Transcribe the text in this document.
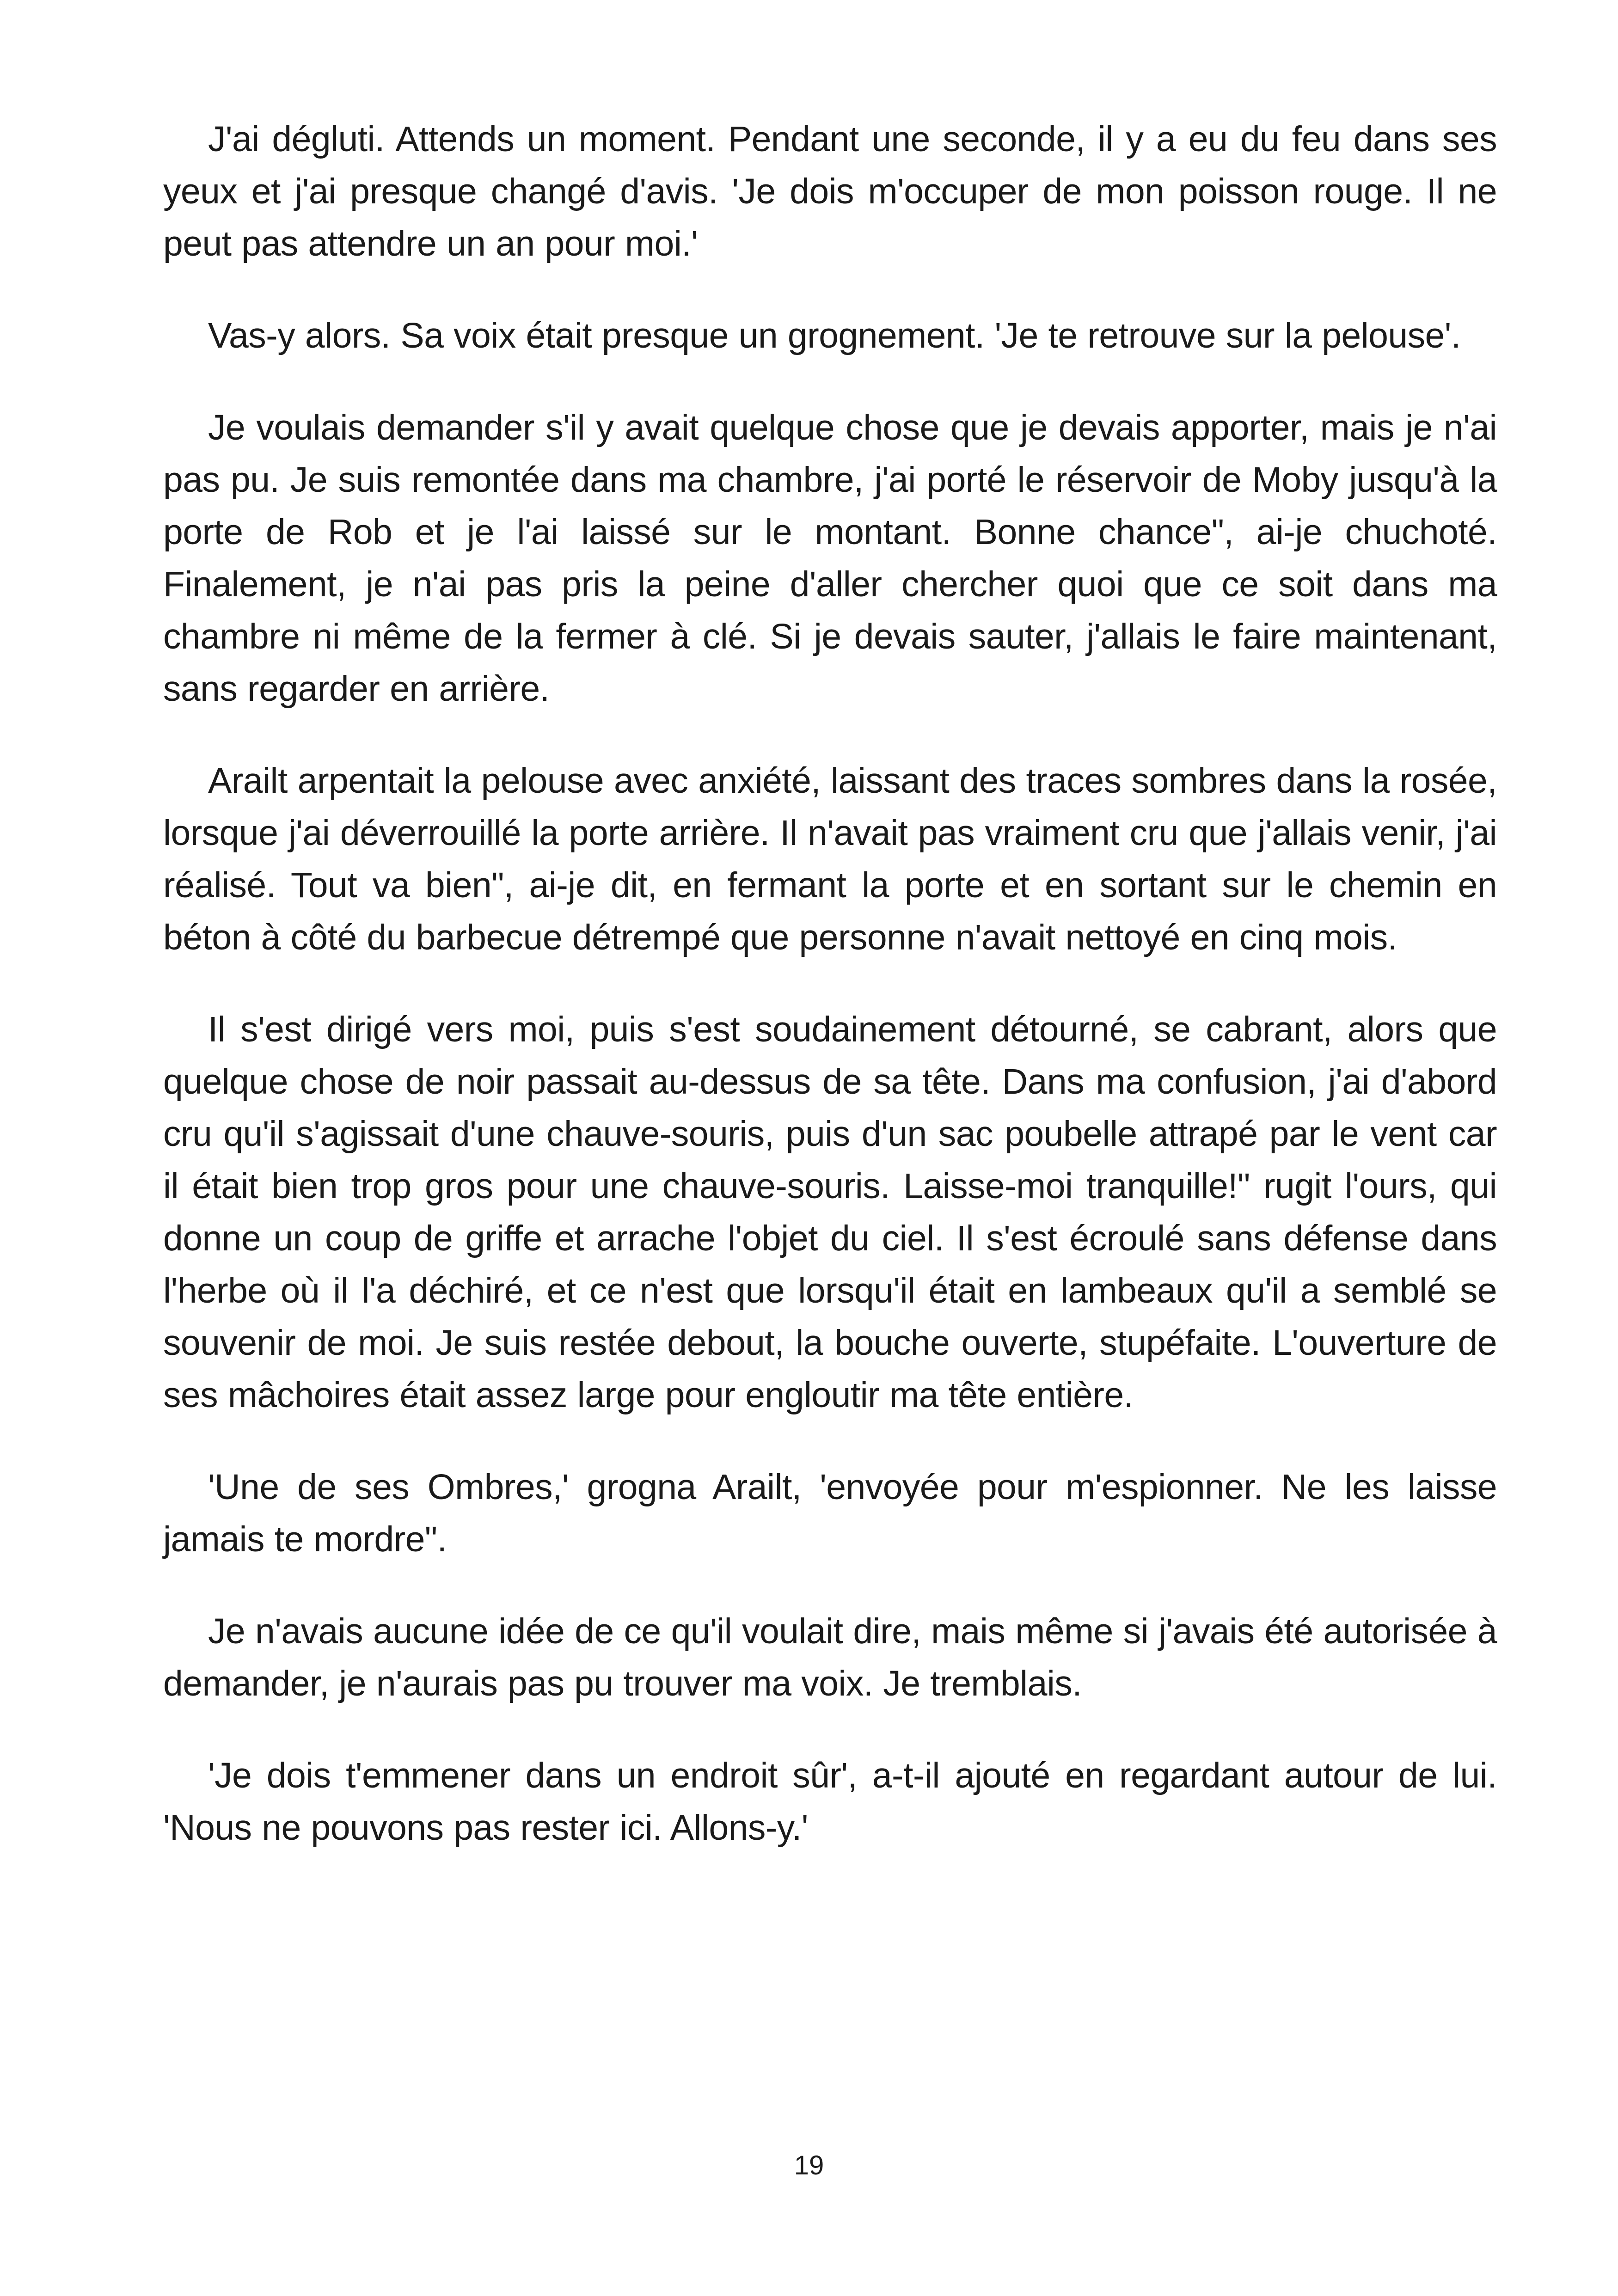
J'ai dégluti. Attends un moment. Pendant une seconde, il y a eu du feu dans ses yeux et j'ai presque changé d'avis. 'Je dois m'occuper de mon poisson rouge. Il ne peut pas attendre un an pour moi.'

Vas-y alors. Sa voix était presque un grognement. 'Je te retrouve sur la pelouse'.

Je voulais demander s'il y avait quelque chose que je devais apporter, mais je n'ai pas pu. Je suis remontée dans ma chambre, j'ai porté le réservoir de Moby jusqu'à la porte de Rob et je l'ai laissé sur le montant. Bonne chance", ai-je chuchoté. Finalement, je n'ai pas pris la peine d'aller chercher quoi que ce soit dans ma chambre ni même de la fermer à clé. Si je devais sauter, j'allais le faire maintenant, sans regarder en arrière.

Arailt arpentait la pelouse avec anxiété, laissant des traces sombres dans la rosée, lorsque j'ai déverrouillé la porte arrière. Il n'avait pas vraiment cru que j'allais venir, j'ai réalisé. Tout va bien", ai-je dit, en fermant la porte et en sortant sur le chemin en béton à côté du barbecue détrempé que personne n'avait nettoyé en cinq mois.

Il s'est dirigé vers moi, puis s'est soudainement détourné, se cabrant, alors que quelque chose de noir passait au-dessus de sa tête. Dans ma confusion, j'ai d'abord cru qu'il s'agissait d'une chauve-souris, puis d'un sac poubelle attrapé par le vent car il était bien trop gros pour une chauve-souris. Laisse-moi tranquille!" rugit l'ours, qui donne un coup de griffe et arrache l'objet du ciel. Il s'est écroulé sans défense dans l'herbe où il l'a déchiré, et ce n'est que lorsqu'il était en lambeaux qu'il a semblé se souvenir de moi. Je suis restée debout, la bouche ouverte, stupéfaite. L'ouverture de ses mâchoires était assez large pour engloutir ma tête entière.

'Une de ses Ombres,' grogna Arailt, 'envoyée pour m'espionner. Ne les laisse jamais te mordre".

Je n'avais aucune idée de ce qu'il voulait dire, mais même si j'avais été autorisée à demander, je n'aurais pas pu trouver ma voix. Je tremblais.

'Je dois t'emmener dans un endroit sûr', a-t-il ajouté en regardant autour de lui. 'Nous ne pouvons pas rester ici. Allons-y.'

19
